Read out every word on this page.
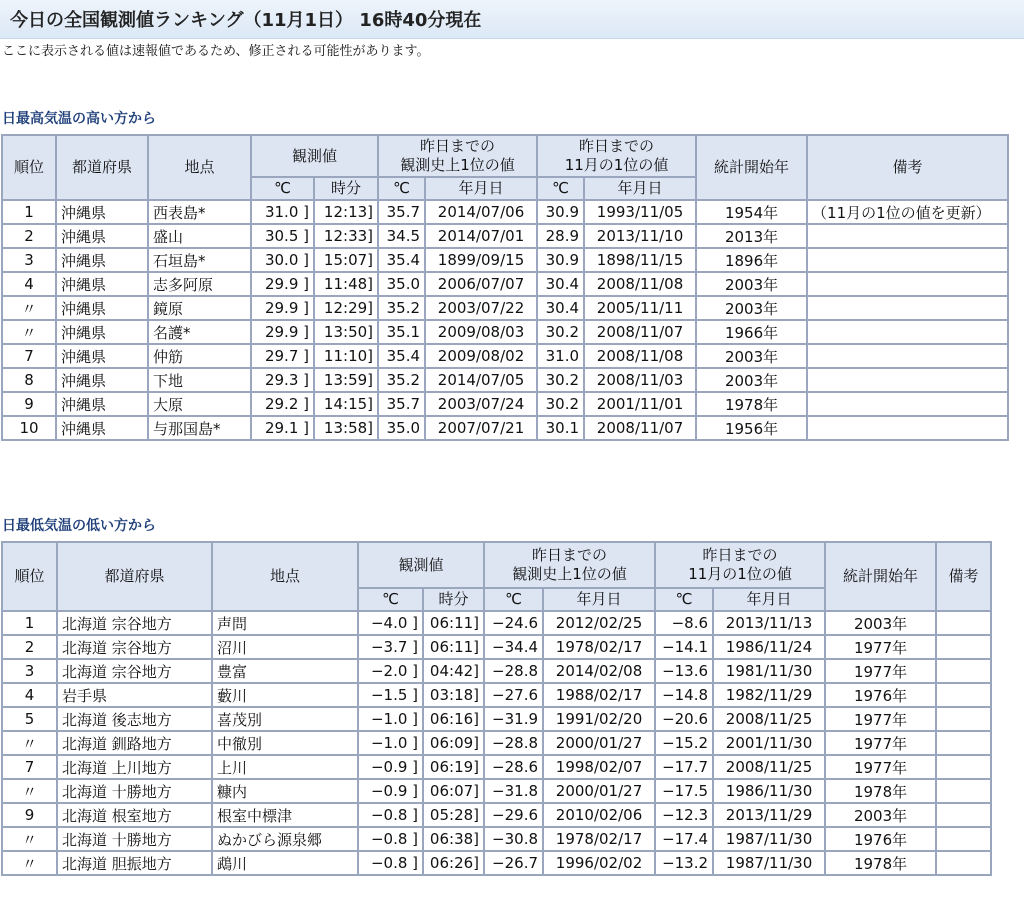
今日の全国観測値ランキング（11月1日） 16時40分現在
ここに表示される値は速報値であるため、修正される可能性があります。
日最高気温の高い方から
順位	都道府県	地点	観測値		昨日までの
観測史上1位の値		昨日までの
11月の1位の値		統計開始年	備考
			℃	時分	℃	年月日	℃	年月日		
1	沖縄県	西表島*	31.0 ]	12:13]	35.7	2014/07/06	30.9	1993/11/05	1954年	（11月の1位の値を更新）
2	沖縄県	盛山	30.5 ]	12:33]	34.5	2014/07/01	28.9	2013/11/10	2013年	
3	沖縄県	石垣島*	30.0 ]	15:07]	35.4	1899/09/15	30.9	1898/11/15	1896年	
4	沖縄県	志多阿原	29.9 ]	11:48]	35.0	2006/07/07	30.4	2008/11/08	2003年	
〃	沖縄県	鏡原	29.9 ]	12:29]	35.2	2003/07/22	30.4	2005/11/11	2003年	
〃	沖縄県	名護*	29.9 ]	13:50]	35.1	2009/08/03	30.2	2008/11/07	1966年	
7	沖縄県	仲筋	29.7 ]	11:10]	35.4	2009/08/02	31.0	2008/11/08	2003年	
8	沖縄県	下地	29.3 ]	13:59]	35.2	2014/07/05	30.2	2008/11/03	2003年	
9	沖縄県	大原	29.2 ]	14:15]	35.7	2003/07/24	30.2	2001/11/01	1978年	
10	沖縄県	与那国島*	29.1 ]	13:58]	35.0	2007/07/21	30.1	2008/11/07	1956年	
日最低気温の低い方から
順位	都道府県	地点	観測値		昨日までの
観測史上1位の値		昨日までの
11月の1位の値		統計開始年	備考
			℃	時分	℃	年月日	℃	年月日		
1	北海道 宗谷地方	声問	−4.0 ]	06:11]	−24.6	2012/02/25	−8.6	2013/11/13	2003年	
2	北海道 宗谷地方	沼川	−3.7 ]	06:11]	−34.4	1978/02/17	−14.1	1986/11/24	1977年	
3	北海道 宗谷地方	豊富	−2.0 ]	04:42]	−28.8	2014/02/08	−13.6	1981/11/30	1977年	
4	岩手県	藪川	−1.5 ]	03:18]	−27.6	1988/02/17	−14.8	1982/11/29	1976年	
5	北海道 後志地方	喜茂別	−1.0 ]	06:16]	−31.9	1991/02/20	−20.6	2008/11/25	1977年	
〃	北海道 釧路地方	中徹別	−1.0 ]	06:09]	−28.8	2000/01/27	−15.2	2001/11/30	1977年	
7	北海道 上川地方	上川	−0.9 ]	06:19]	−28.6	1998/02/07	−17.7	2008/11/25	1977年	
〃	北海道 十勝地方	糠内	−0.9 ]	06:07]	−31.8	2000/01/27	−17.5	1986/11/30	1978年	
9	北海道 根室地方	根室中標津	−0.8 ]	05:28]	−29.6	2010/02/06	−12.3	2013/11/29	2003年	
〃	北海道 十勝地方	ぬかびら源泉郷	−0.8 ]	06:38]	−30.8	1978/02/17	−17.4	1987/11/30	1976年	
〃	北海道 胆振地方	鵡川	−0.8 ]	06:26]	−26.7	1996/02/02	−13.2	1987/11/30	1978年	
